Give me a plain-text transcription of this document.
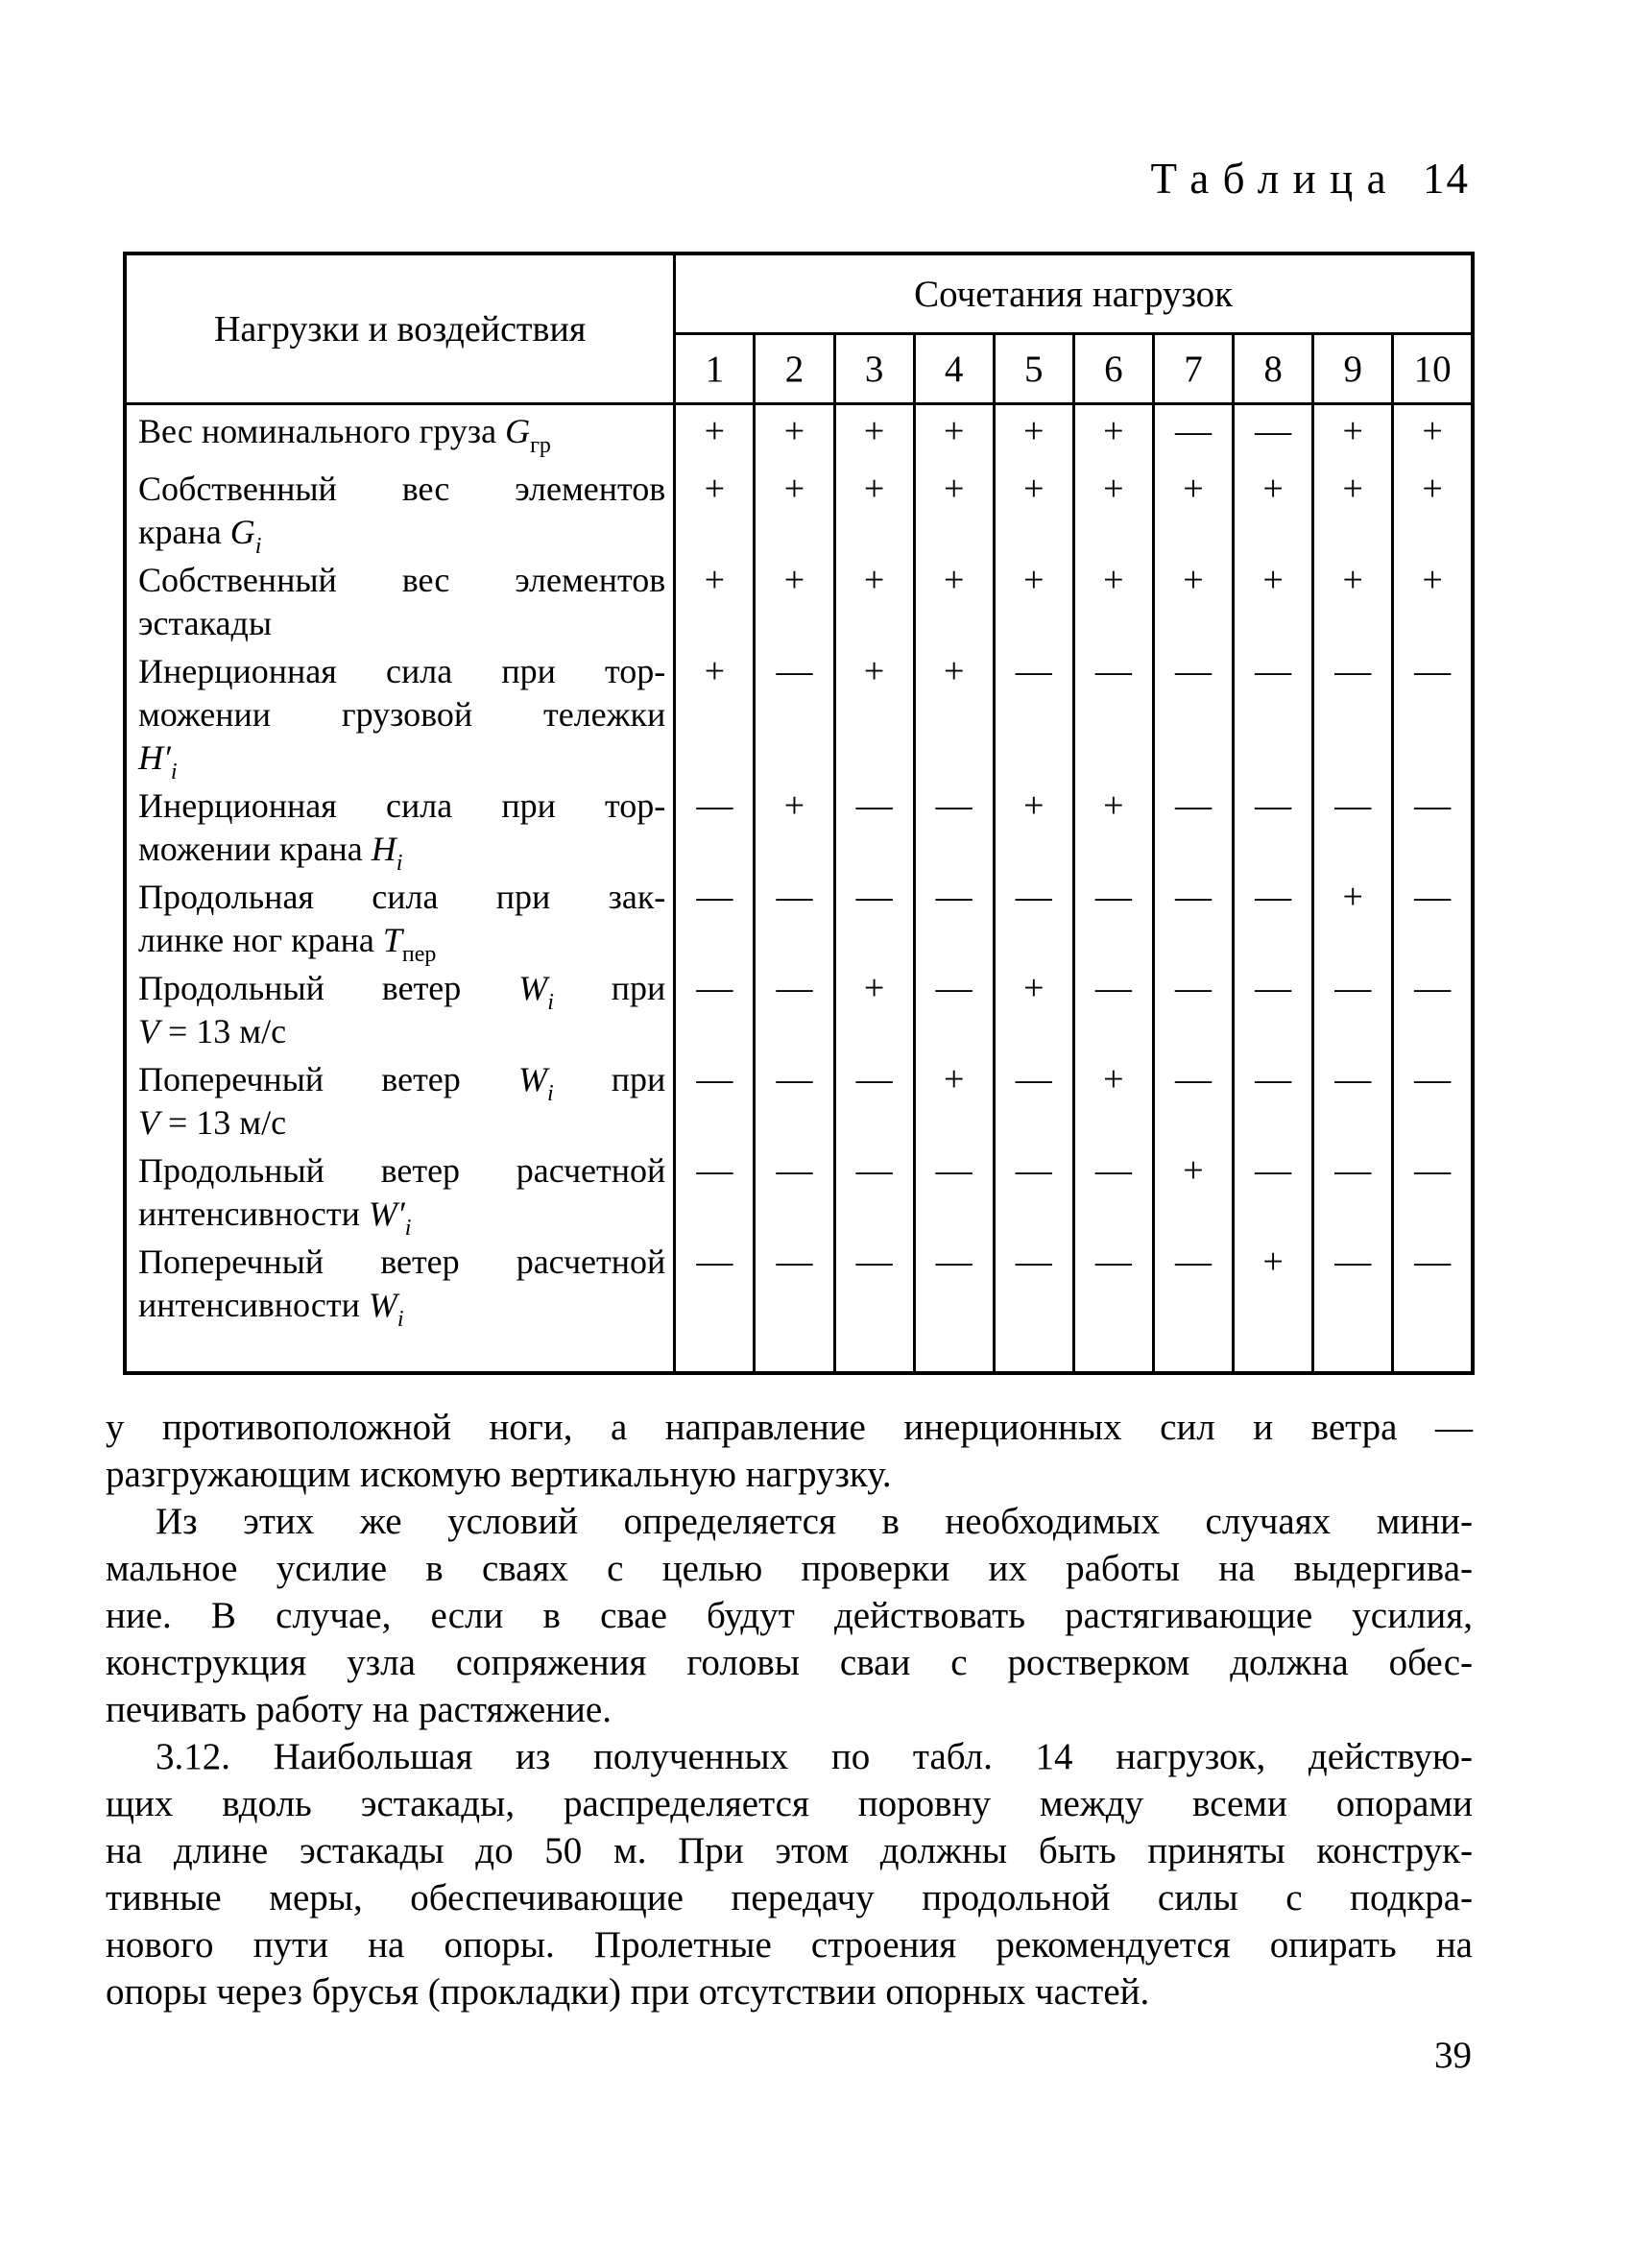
Таблица 14
Нагрузки и воздействия	Сочетания нагрузок									
	1	2	3	4	5	6	7	8	9	10

Вес номинального груза $G_{гр}$	+	+	+	+	+	+	—	—	+	+

Собственный вес элементов
крана $G_i$	+	+	+	+	+	+	+	+	+	+

Собственный вес элементов
эстакады	+	+	+	+	+	+	+	+	+	+

Инерционная сила при тор-
можении грузовой тележки
$H'_i$	+	—	+	+	—	—	—	—	—	—

Инерционная сила при тор-
можении крана $H_i$	—	+	—	—	+	+	—	—	—	—

Продольная сила при зак-
линке ног крана $T_{пер}$	—	—	—	—	—	—	—	—	+	—

Продольный ветер $W_i$ при
V = 13 м/с	—	—	+	—	+	—	—	—	—	—

Поперечный ветер $W_i$ при
V = 13 м/с	—	—	—	+	—	+	—	—	—	—

Продольный ветер расчетной
интенсивности $W'_i$	—	—	—	—	—	—	+	—	—	—

Поперечный ветер расчетной
интенсивности $W_i$	—	—	—	—	—	—	—	+	—	—
у противоположной ноги, а направление инерционных сил и ветра —
разгружающим искомую вертикальную нагрузку.
Из этих же условий определяется в необходимых случаях мини-
мальное усилие в сваях с целью проверки их работы на выдергива-
ние. В случае, если в свае будут действовать растягивающие усилия,
конструкция узла сопряжения головы сваи с ростверком должна обес-
печивать работу на растяжение.
3.12. Наибольшая из полученных по табл. 14 нагрузок, действую-
щих вдоль эстакады, распределяется поровну между всеми опорами
на длине эстакады до 50 м. При этом должны быть приняты конструк-
тивные меры, обеспечивающие передачу продольной силы с подкра-
нового пути на опоры. Пролетные строения рекомендуется опирать на
опоры через брусья (прокладки) при отсутствии опорных частей.
39
